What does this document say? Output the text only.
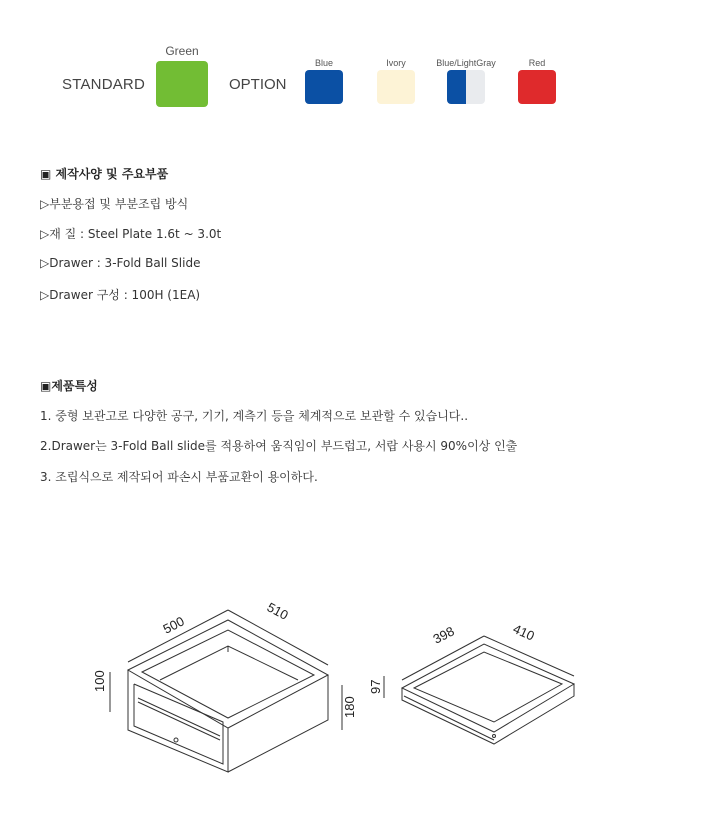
STANDARD
Green
OPTION
Blue	Ivory	Blue/LightGray	Red
▣ 제작사양 및 주요부품
▷부분용접 및 부분조립 방식
▷재 질 : Steel Plate 1.6t ~ 3.0t
▷Drawer : 3-Fold Ball Slide
▷Drawer 구성 : 100H (1EA)
▣제품특성
1. 중형 보관고로 다양한 공구, 기기, 계측기 등을 체계적으로 보관할 수 있습니다..
2.Drawer는 3-Fold Ball slide를 적용하여 움직임이 부드럽고, 서랍 사용시 90%이상 인출
3. 조립식으로 제작되어 파손시 부품교환이 용이하다.
500
510
100
180
398	410
97
